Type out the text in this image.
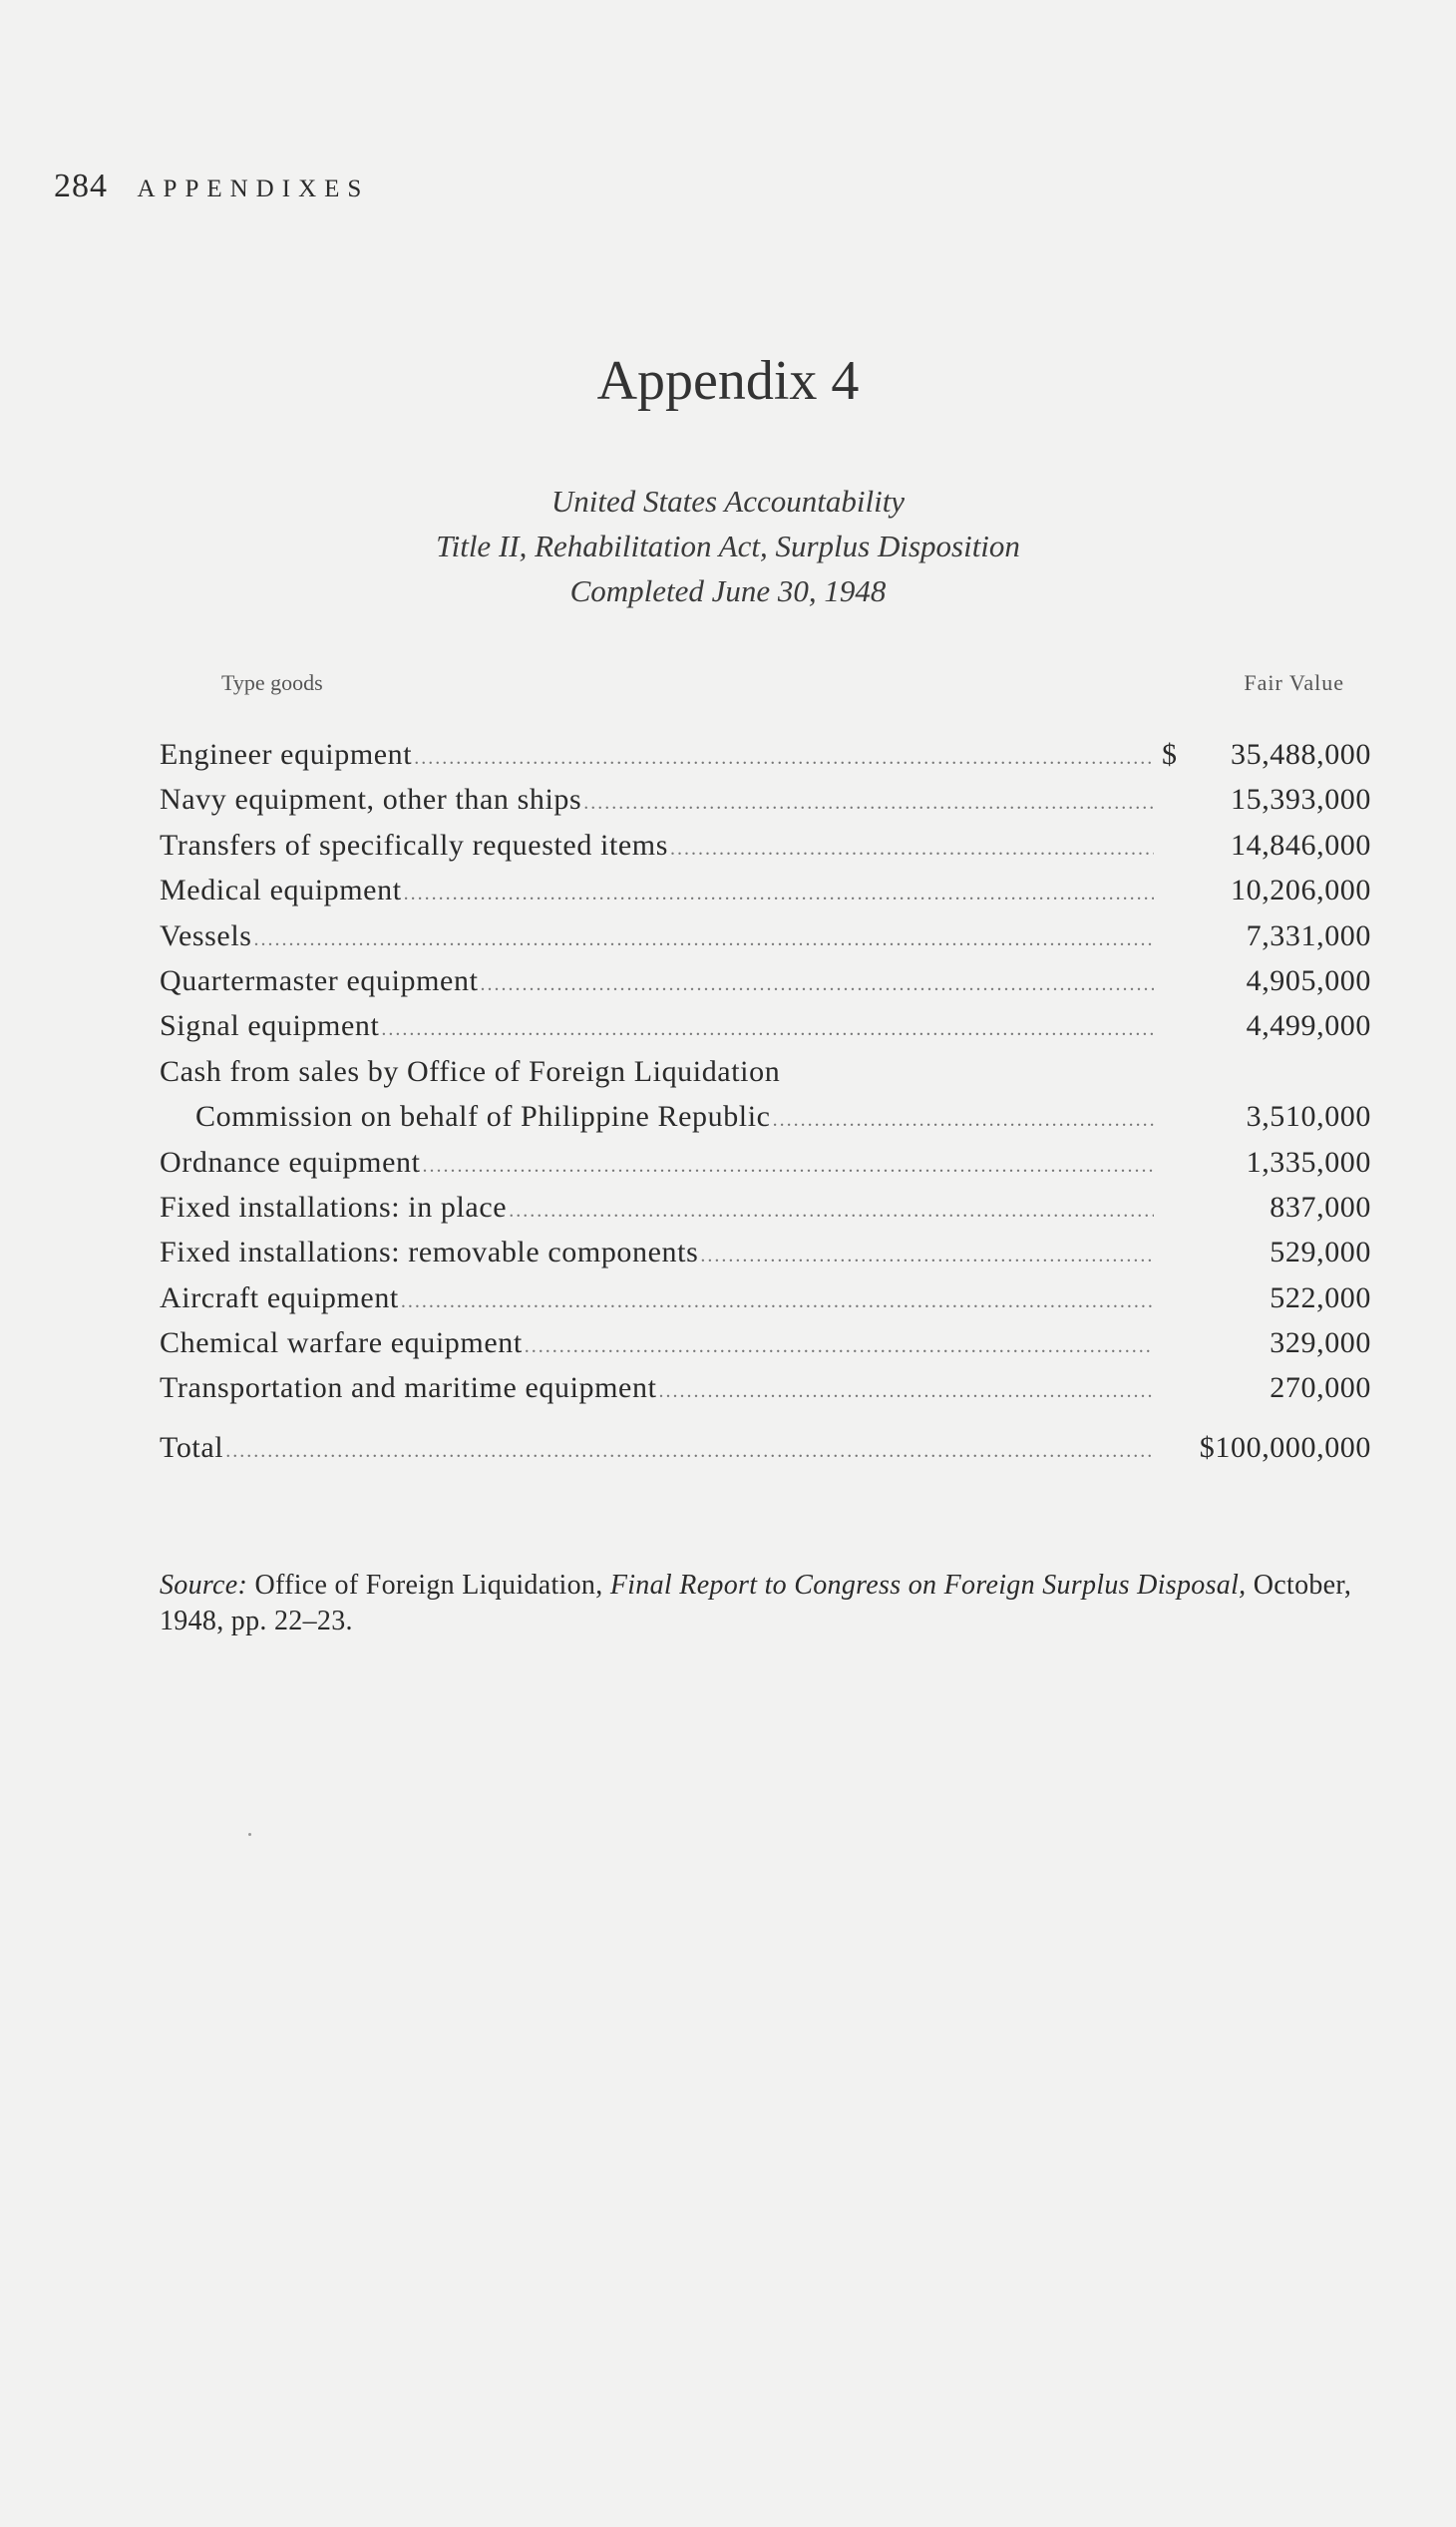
284 APPENDIXES
Appendix 4
United States Accountability
Title II, Rehabilitation Act, Surplus Disposition
Completed June 30, 1948
Type goods	Fair Value
Engineer equipment .....	$ 35,488,000
Navy equipment, other than ships .....	15,393,000
Transfers of specifically requested items .....	14,846,000
Medical equipment .....	10,206,000
Vessels .....	7,331,000
Quartermaster equipment .....	4,905,000
Signal equipment .....	4,499,000
Cash from sales by Office of Foreign Liquidation
Commission on behalf of Philippine Republic .....	3,510,000
Ordnance equipment .....	1,335,000
Fixed installations: in place .....	837,000
Fixed installations: removable components .....	529,000
Aircraft equipment .....	522,000
Chemical warfare equipment .....	329,000
Transportation and maritime equipment .....	270,000
Total .....	$100,000,000
Source: Office of Foreign Liquidation, Final Report to Congress on Foreign Surplus Disposal, October, 1948, pp. 22–23.
